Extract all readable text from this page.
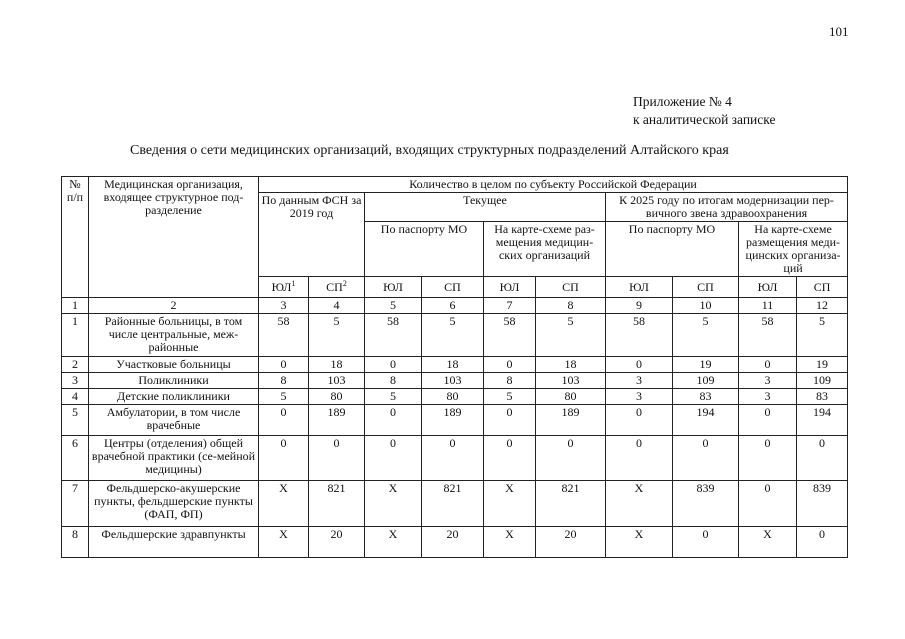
101
Приложение № 4
к аналитической записке
Сведения о сети медицинских организаций, входящих структурных подразделений Алтайского края
№ п/п	Медицинская организация, входящее структурное под-разделение	Количество в целом по субъекту Российской Федерации									
		По данным ФСН за 2019 год		Текущее				К 2025 году по итогам модернизации пер-вичного звена здравоохранения			
				По паспорту МО		На карте-схеме раз-мещения медицин-ских организаций		По паспорту МО		На карте-схеме размещения меди-цинских организа-ций	
		$ЮЛ^1$	$СП^2$	ЮЛ	СП	ЮЛ	СП	ЮЛ	СП	ЮЛ	СП
1	2	3	4	5	6	7	8	9	10	11	12
1	Районные больницы, в том числе центральные, меж-районные	58	5	58	5	58	5	58	5	58	5
2	Участковые больницы	0	18	0	18	0	18	0	19	0	19
3	Поликлиники	8	103	8	103	8	103	3	109	3	109
4	Детские поликлиники	5	80	5	80	5	80	3	83	3	83
5	Амбулатории, в том числе врачебные	0	189	0	189	0	189	0	194	0	194
6	Центры (отделения) общей врачебной практики (се-мейной медицины)	0	0	0	0	0	0	0	0	0	0
7	Фельдшерско-акушерские пункты, фельдшерские пункты (ФАП, ФП)	Х	821	Х	821	Х	821	Х	839	0	839
8	Фельдшерские здравпункты	Х	20	Х	20	Х	20	Х	0	Х	0
